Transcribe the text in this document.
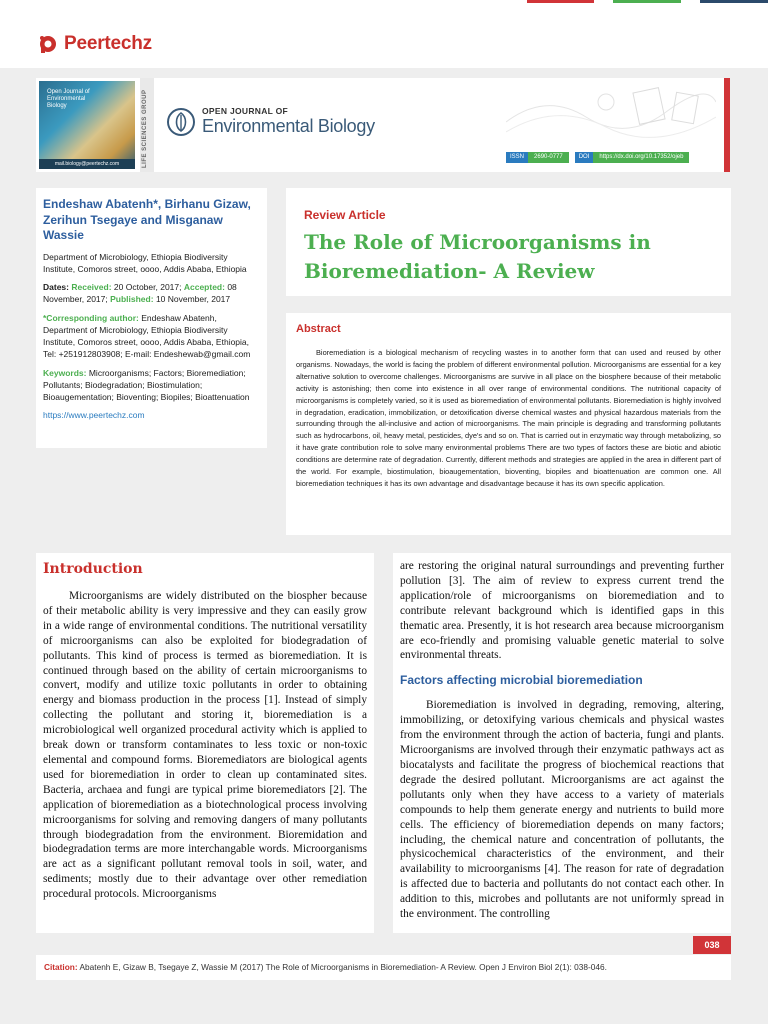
Peertechz
Open Journal of
Environmental
Biology
mail.biology@peertechz.com	LIFE SCIENCES GROUP	OPEN JOURNAL OF
Environmental Biology
ISSN	2690-0777	DOI	https://dx.doi.org/10.17352/ojeb
Endeshaw Abatenh*, Birhanu Gizaw, Zerihun Tsegaye and Misganaw Wassie
Department of Microbiology, Ethiopia Biodiversity Institute, Comoros street, oooo, Addis Ababa, Ethiopia
Dates: Received: 20 October, 2017; Accepted: 08 November, 2017; Published: 10 November, 2017
*Corresponding author: Endeshaw Abatenh, Department of Microbiology, Ethiopia Biodiversity Institute, Comoros street, oooo, Addis Ababa, Ethiopia, Tel: +251912803908; E-mail: Endeshewab@gmail.com
Keywords: Microorganisms; Factors; Bioremediation; Pollutants; Biodegradation; Biostimulation; Bioaugementation; Bioventing; Biopiles; Bioattenuation
https://www.peertechz.com
Review Article
The Role of Microorganisms in Bioremediation- A Review
Abstract
Bioremediation is a biological mechanism of recycling wastes in to another form that can used and reused by other organisms. Nowadays, the world is facing the problem of different environmental pollution. Microorganisms are essential for a key alternative solution to overcome challenges. Microorganisms are survive in all place on the biosphere because of their metabolic activity is astonishing; then come into existence in all over range of environmental conditions. The nutritional capacity of microorganisms is completely varied, so it is used as bioremediation of environmental pollutants. Bioremediation is highly involved in degradation, eradication, immobilization, or detoxification diverse chemical wastes and physical hazardous materials from the surrounding through the all-inclusive and action of microorganisms. The main principle is degrading and transforming pollutants such as hydrocarbons, oil, heavy metal, pesticides, dye's and so on. That is carried out in enzymatic way through metabolizing, so it have grate contribution role to solve many environmental problems There are two types of factors these are biotic and abiotic conditions are determine rate of degradation. Currently, different methods and strategies are applied in the area in different part of the world. For example, biostimulation, bioaugementation, bioventing, biopiles and bioattenuation are common one. All bioremediation techniques it has its own advantage and disadvantage because it has its own specific application.
Introduction
Microorganisms are widely distributed on the biospher because of their metabolic ability is very impressive and they can easily grow in a wide range of environmental conditions. The nutritional versatility of microorganisms can also be exploited for biodegradation of pollutants. This kind of process is termed as bioremediation. It is continued through based on the ability of certain microorganisms to convert, modify and utilize toxic pollutants in order to obtaining energy and biomass production in the process [1]. Instead of simply collecting the pollutant and storing it, bioremediation is a microbiological well organized procedural activity which is applied to break down or transform contaminates to less toxic or non-toxic elemental and compound forms. Bioremediators are biological agents used for bioremediation in order to clean up contaminated sites. Bacteria, archaea and fungi are typical prime bioremediators [2]. The application of bioremediation as a biotechnological process involving microorganisms for solving and removing dangers of many pollutants through biodegradation from the environment. Bioremidation and biodegradation terms are more interchangable words. Microorganisms are act as a significant pollutant removal tools in soil, water, and sediments; mostly due to their advantage over other remediation procedural protocols. Microorganisms
are restoring the original natural surroundings and preventing further pollution [3]. The aim of review to express current trend the application/role of microorganisms on bioremediation and to contribute relevant background which is identified gaps in this thematic area. Presently, it is hot research area because microorganism are eco-friendly and promising valuable genetic material to solve environmental threats.
Factors affecting microbial bioremediation
Bioremediation is involved in degrading, removing, altering, immobilizing, or detoxifying various chemicals and physical wastes from the environment through the action of bacteria, fungi and plants. Microorganisms are involved through their enzymatic pathways act as biocatalysts and facilitate the progress of biochemical reactions that degrade the desired pollutant. Microorganisms are act against the pollutants only when they have access to a variety of materials compounds to help them generate energy and nutrients to build more cells. The efficiency of bioremediation depends on many factors; including, the chemical nature and concentration of pollutants, the physicochemical characteristics of the environment, and their availability to microorganisms [4]. The reason for rate of degradation is affected due to bacteria and pollutants do not contact each other. In addition to this, microbes and pollutants are not uniformly spread in the environment. The controlling
038
Citation: Abatenh E, Gizaw B, Tsegaye Z, Wassie M (2017) The Role of Microorganisms in Bioremediation- A Review. Open J Environ Biol 2(1): 038-046.
